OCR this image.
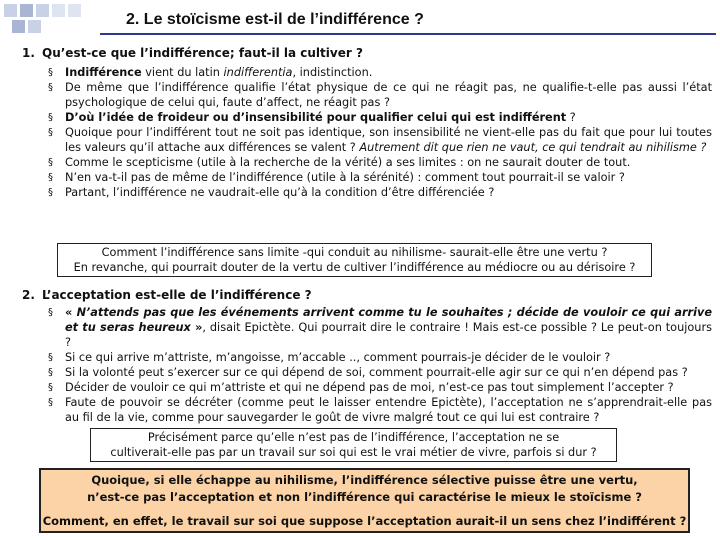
2. Le stoïcisme est-il de l’indifférence ?
1. Qu’est-ce que l’indifférence; faut-il la cultiver ?
§ Indifférence vient du latin indifferentia, indistinction.
§ De même que l’indifférence qualifie l’état physique de ce qui ne réagit pas, ne qualifie-t-elle pas aussi l’état psychologique de celui qui, faute d’affect, ne réagit pas ?
§ D’où l’idée de froideur ou d’insensibilité pour qualifier celui qui est indifférent ?
§ Quoique pour l’indifférent tout ne soit pas identique, son insensibilité ne vient-elle pas du fait que pour lui toutes les valeurs qu’il attache aux différences se valent ? Autrement dit que rien ne vaut, ce qui tendrait au nihilisme ?
§ Comme le scepticisme (utile à la recherche de la vérité) a ses limites : on ne saurait douter de tout.
§ N’en va-t-il pas de même de l’indifférence (utile à la sérénité) : comment tout pourrait-il se valoir ?
§ Partant, l’indifférence ne vaudrait-elle qu’à la condition d’être différenciée ?
Comment l’indifférence sans limite -qui conduit au nihilisme- saurait-elle être une vertu ?
En revanche, qui pourrait douter de la vertu de cultiver l’indifférence au médiocre ou au dérisoire ?
2. L’acceptation est-elle de l’indifférence ?
§ « N’attends pas que les événements arrivent comme tu le souhaites ; décide de vouloir ce qui arrive et tu seras heureux », disait Epictète. Qui pourrait dire le contraire ! Mais est-ce possible ? Le peut-on toujours ?
§ Si ce qui arrive m’attriste, m’angoisse, m’accable .., comment pourrais-je décider de le vouloir ?
§ Si la volonté peut s’exercer sur ce qui dépend de soi, comment pourrait-elle agir sur ce qui n’en dépend pas ?
§ Décider de vouloir ce qui m’attriste et qui ne dépend pas de moi, n’est-ce pas tout simplement l’accepter ?
§ Faute de pouvoir se décréter (comme peut le laisser entendre Epictète), l’acceptation ne s’apprendrait-elle pas au fil de la vie, comme pour sauvegarder le goût de vivre malgré tout ce qui lui est contraire ?
Précisément parce qu’elle n’est pas de l’indifférence, l’acceptation ne se
cultiverait-elle pas par un travail sur soi qui est le vrai métier de vivre, parfois si dur ?
Quoique, si elle échappe au nihilisme, l’indifférence sélective puisse être une vertu,
n’est-ce pas l’acceptation et non l’indifférence qui caractérise le mieux le stoïcisme ?
Comment, en effet, le travail sur soi que suppose l’acceptation aurait-il un sens chez l’indifférent ?
